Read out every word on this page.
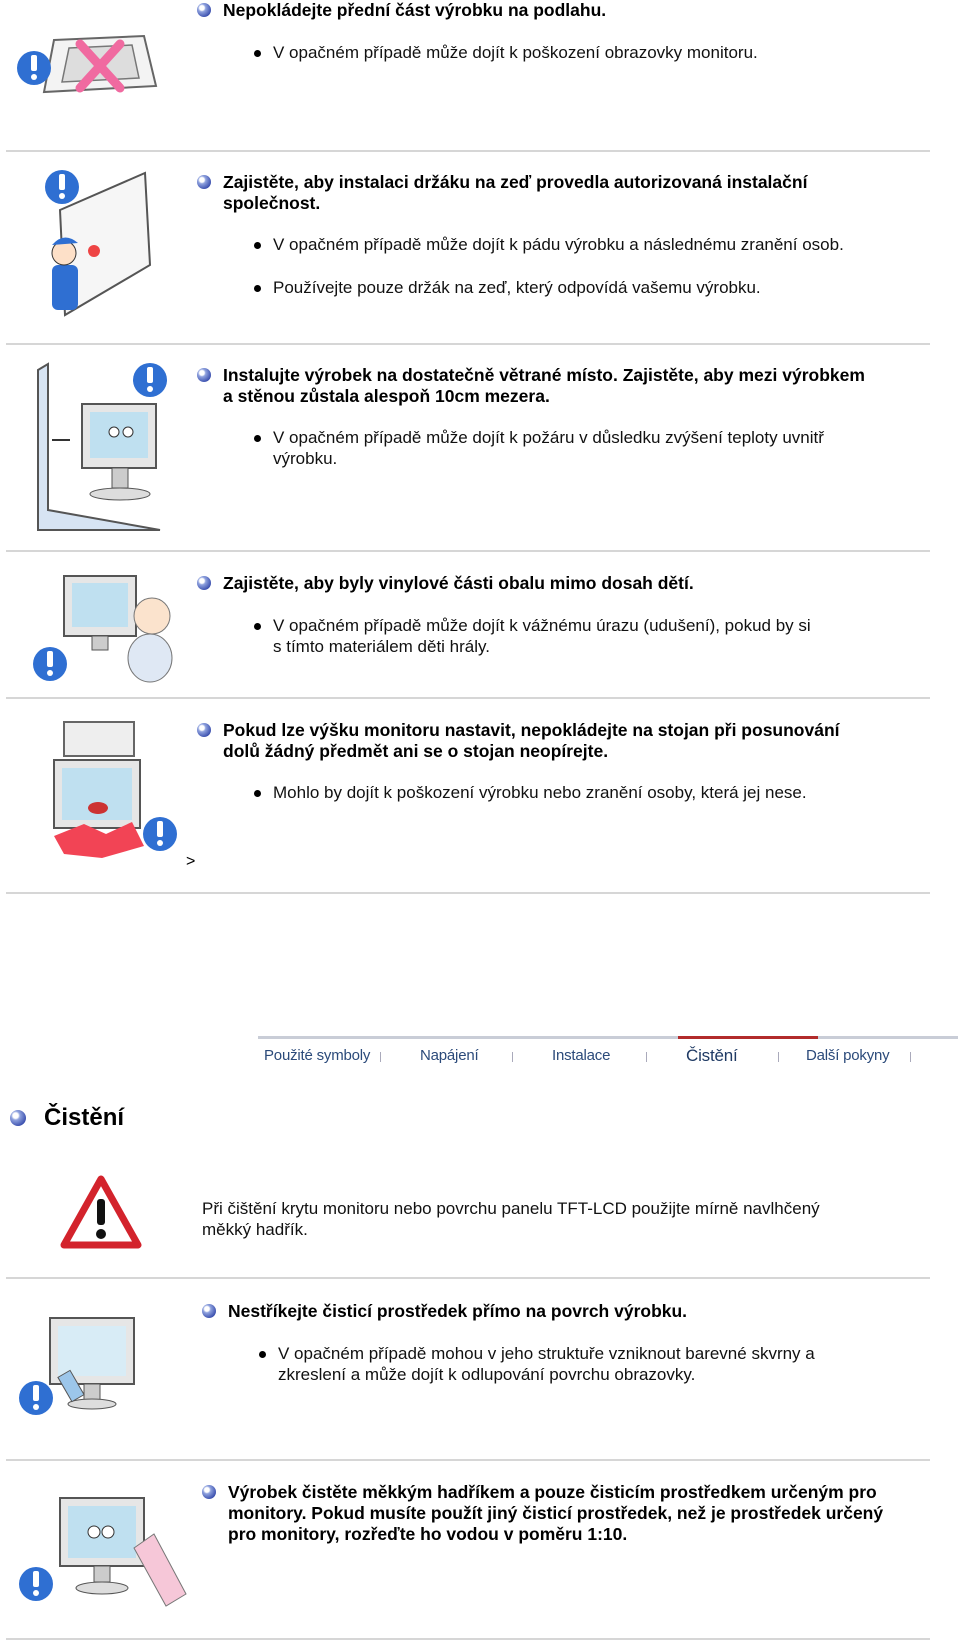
Nepokládejte přední část výrobku na podlahu.
V opačném případě může dojít k poškození obrazovky monitoru.
Zajistěte, aby instalaci držáku na zeď provedla autorizovaná instalační
společnost.
V opačném případě může dojít k pádu výrobku a následnému zranění osob.
Používejte pouze držák na zeď, který odpovídá vašemu výrobku.
Instalujte výrobek na dostatečně větrané místo. Zajistěte, aby mezi výrobkem
a stěnou zůstala alespoň 10cm mezera.
V opačném případě může dojít k požáru v důsledku zvýšení teploty uvnitř
výrobku.
Zajistěte, aby byly vinylové části obalu mimo dosah dětí.
V opačném případě může dojít k vážnému úrazu (udušení), pokud by si
s tímto materiálem děti hrály.
Pokud lze výšku monitoru nastavit, nepokládejte na stojan při posunování
dolů žádný předmět ani se o stojan neopírejte.
Mohlo by dojít k poškození výrobku nebo zranění osoby, která jej nese.
>
Použité symboly	Napájení	Instalace	Čistění	Další pokyny
Čistění
Při čištění krytu monitoru nebo povrchu panelu TFT-LCD použijte mírně navlhčený
měkký hadřík.
Nestříkejte čisticí prostředek přímo na povrch výrobku.
V opačném případě mohou v jeho struktuře vzniknout barevné skvrny a
zkreslení a může dojít k odlupování povrchu obrazovky.
Výrobek čistěte měkkým hadříkem a pouze čisticím prostředkem určeným pro
monitory. Pokud musíte použít jiný čisticí prostředek, než je prostředek určený
pro monitory, rozřeďte ho vodou v poměru 1:10.
